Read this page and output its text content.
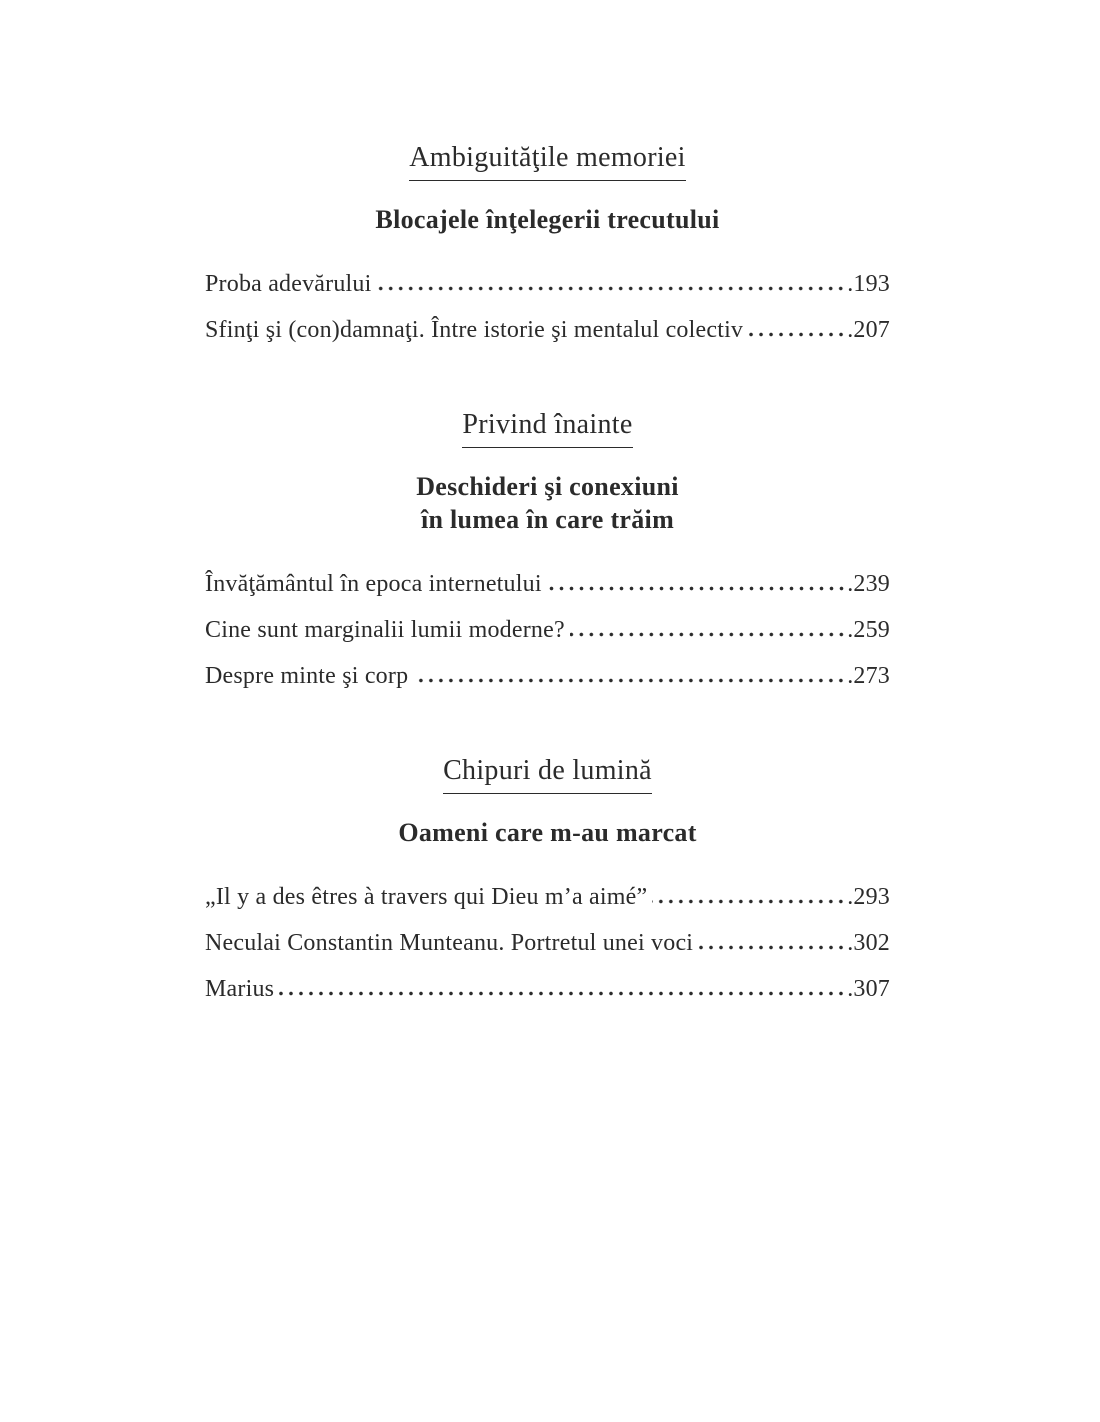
Ambiguităţile memoriei
Blocajele înţelegerii trecutului
Proba adevărului	.193
Sfinţi şi (con)damnaţi. Între istorie şi mentalul colectiv	.207
Privind înainte
Deschideri şi conexiuni
în lumea în care trăim
Învăţământul în epoca internetului	.239
Cine sunt marginalii lumii moderne?	.259
Despre minte şi corp	.273
Chipuri de lumină
Oameni care m-au marcat
„Il y a des êtres à travers qui Dieu m’a aimé”	.293
Neculai Constantin Munteanu. Portretul unei voci	.302
Marius	.307
